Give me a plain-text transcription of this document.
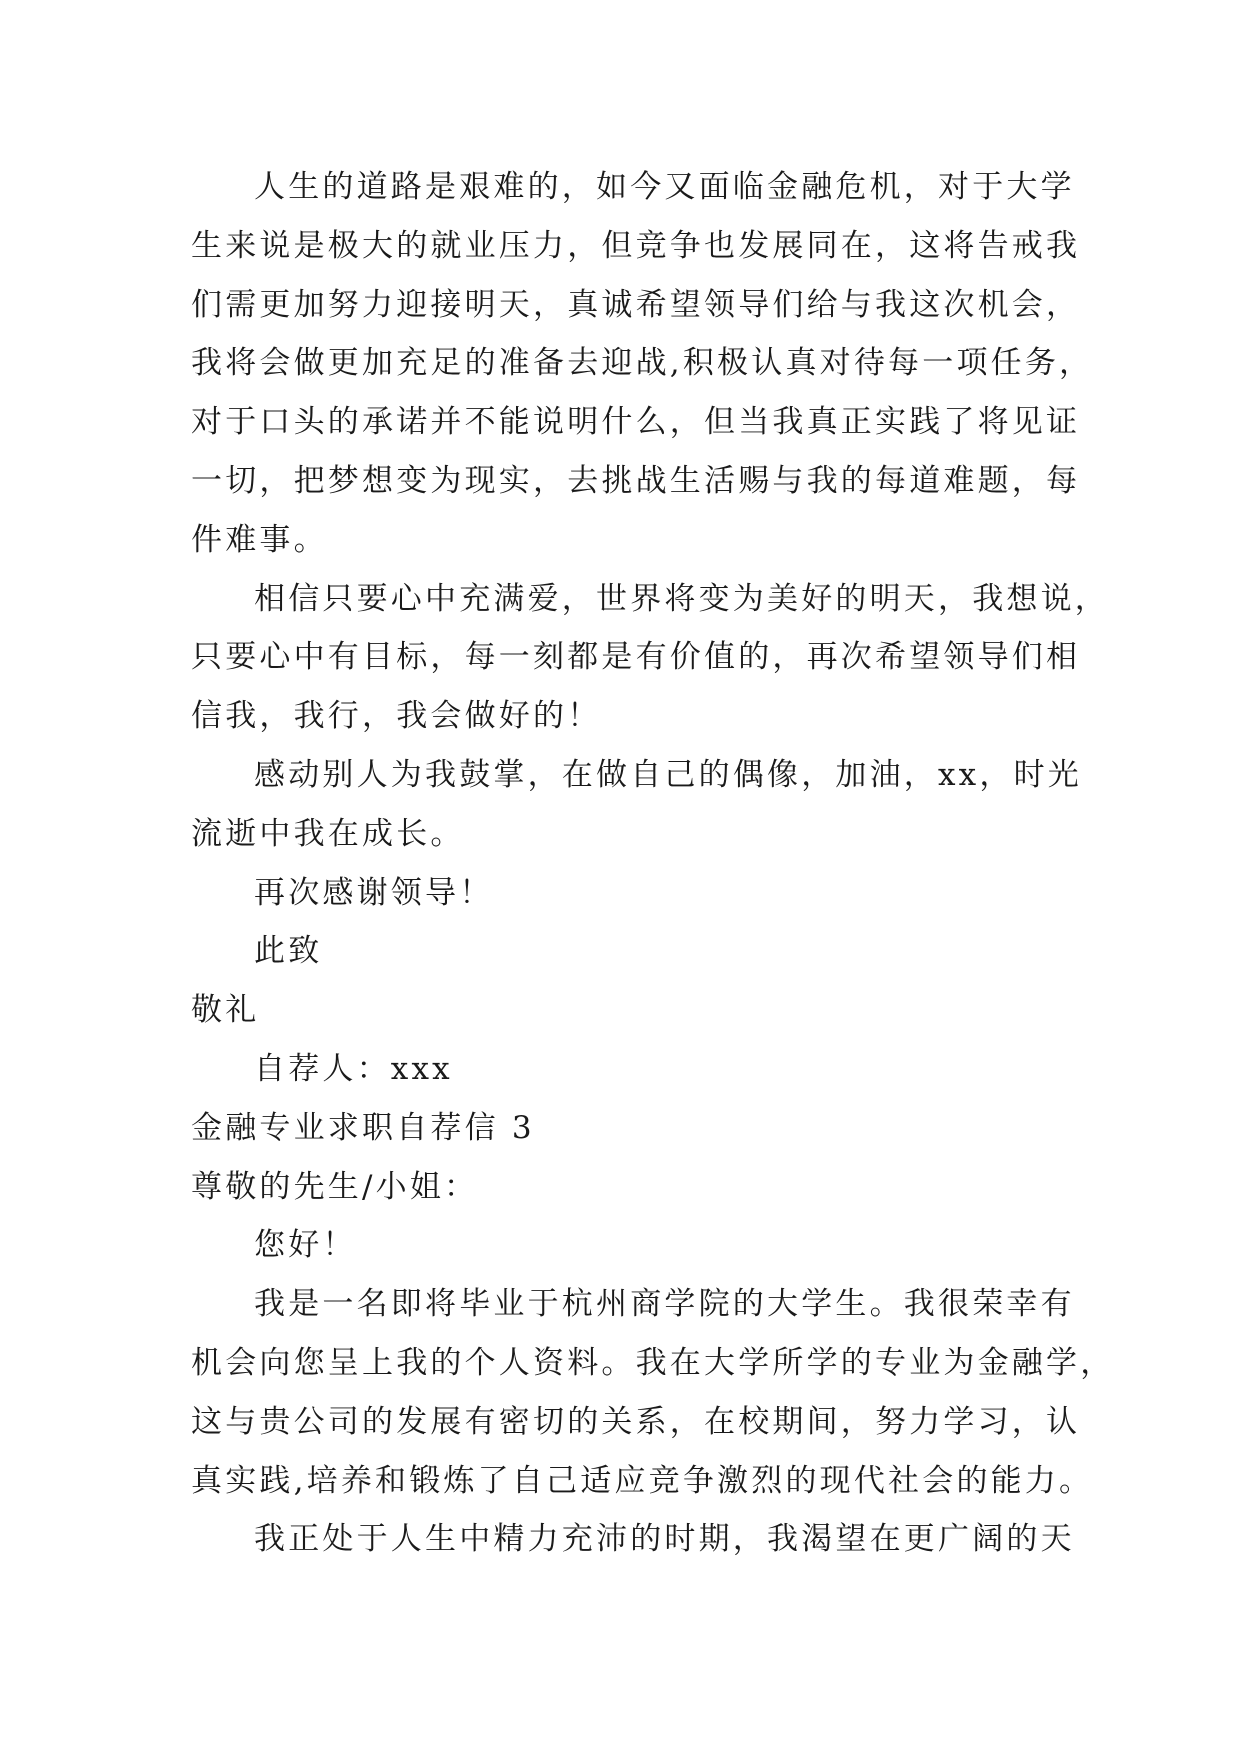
人生的道路是艰难的，如今又面临金融危机，对于大学
生来说是极大的就业压力，但竞争也发展同在，这将告戒我
们需更加努力迎接明天，真诚希望领导们给与我这次机会，
我将会做更加充足的准备去迎战,积极认真对待每一项任务，
对于口头的承诺并不能说明什么，但当我真正实践了将见证
一切，把梦想变为现实，去挑战生活赐与我的每道难题，每
件难事。
相信只要心中充满爱，世界将变为美好的明天，我想说，
只要心中有目标，每一刻都是有价值的，再次希望领导们相
信我，我行，我会做好的！
感动别人为我鼓掌，在做自己的偶像，加油，xx，时光
流逝中我在成长。
再次感谢领导！
此致
敬礼
自荐人：xxx
金融专业求职自荐信 3
尊敬的先生/小姐：
您好！
我是一名即将毕业于杭州商学院的大学生。我很荣幸有
机会向您呈上我的个人资料。我在大学所学的专业为金融学，
这与贵公司的发展有密切的关系，在校期间，努力学习，认
真实践,培养和锻炼了自己适应竞争激烈的现代社会的能力。
我正处于人生中精力充沛的时期，我渴望在更广阔的天
